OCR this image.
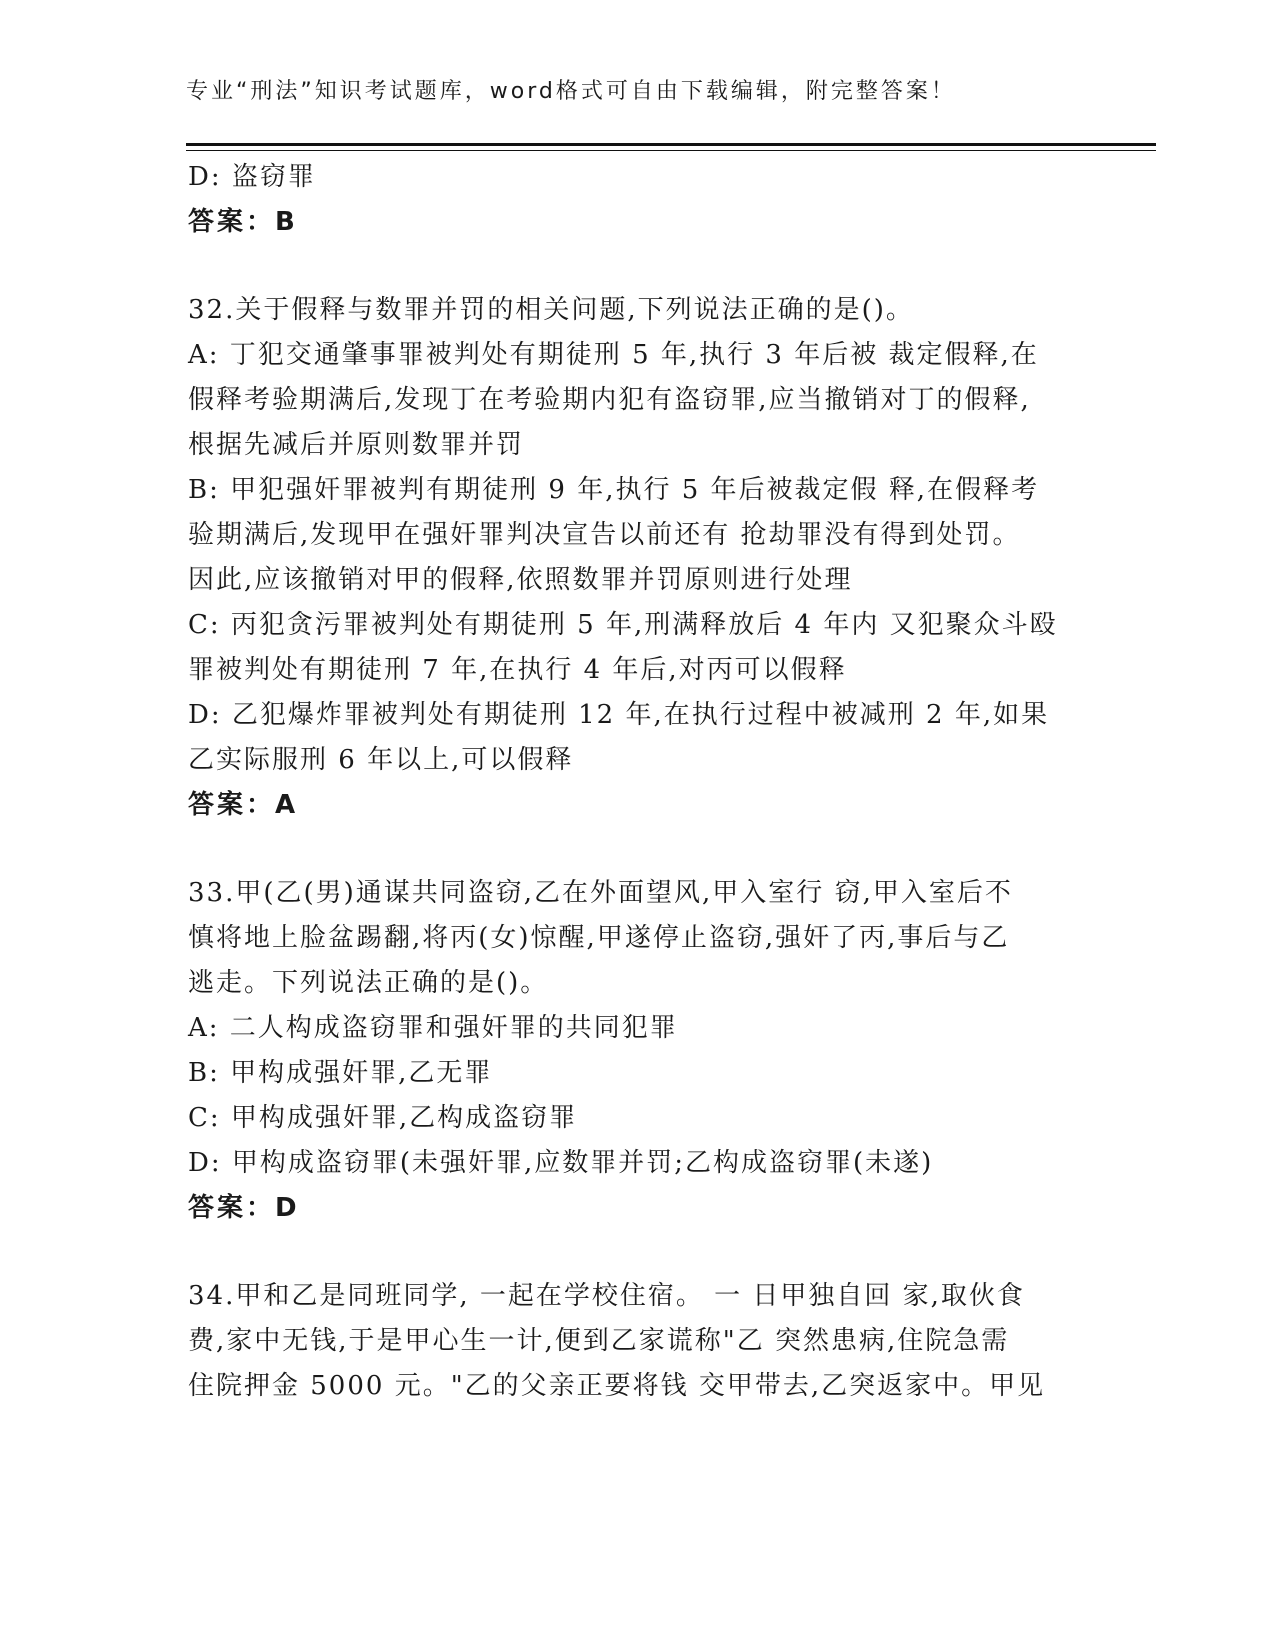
专业“刑法”知识考试题库，word格式可自由下载编辑，附完整答案！
D: 盗窃罪
答案：B
32.关于假释与数罪并罚的相关问题,下列说法正确的是()。
A: 丁犯交通肇事罪被判处有期徒刑 5 年,执行 3 年后被 裁定假释,在
假释考验期满后,发现丁在考验期内犯有盗窃罪,应当撤销对丁的假释,
根据先减后并原则数罪并罚
B: 甲犯强奸罪被判有期徒刑 9 年,执行 5 年后被裁定假 释,在假释考
验期满后,发现甲在强奸罪判决宣告以前还有 抢劫罪没有得到处罚。
因此,应该撤销对甲的假释,依照数罪并罚原则进行处理
C: 丙犯贪污罪被判处有期徒刑 5 年,刑满释放后 4 年内 又犯聚众斗殴
罪被判处有期徒刑 7 年,在执行 4 年后,对丙可以假释
D: 乙犯爆炸罪被判处有期徒刑 12 年,在执行过程中被减刑 2 年,如果
乙实际服刑 6 年以上,可以假释
答案：A
33.甲(乙(男)通谋共同盗窃,乙在外面望风,甲入室行 窃,甲入室后不
慎将地上脸盆踢翻,将丙(女)惊醒,甲遂停止盗窃,强奸了丙,事后与乙
逃走。下列说法正确的是()。
A: 二人构成盗窃罪和强奸罪的共同犯罪
B: 甲构成强奸罪,乙无罪
C: 甲构成强奸罪,乙构成盗窃罪
D: 甲构成盗窃罪(未强奸罪,应数罪并罚;乙构成盗窃罪(未遂)
答案：D
34.甲和乙是同班同学, 一起在学校住宿。 一 日甲独自回 家,取伙食
费,家中无钱,于是甲心生一计,便到乙家谎称"乙 突然患病,住院急需
住院押金 5000 元。"乙的父亲正要将钱 交甲带去,乙突返家中。甲见
